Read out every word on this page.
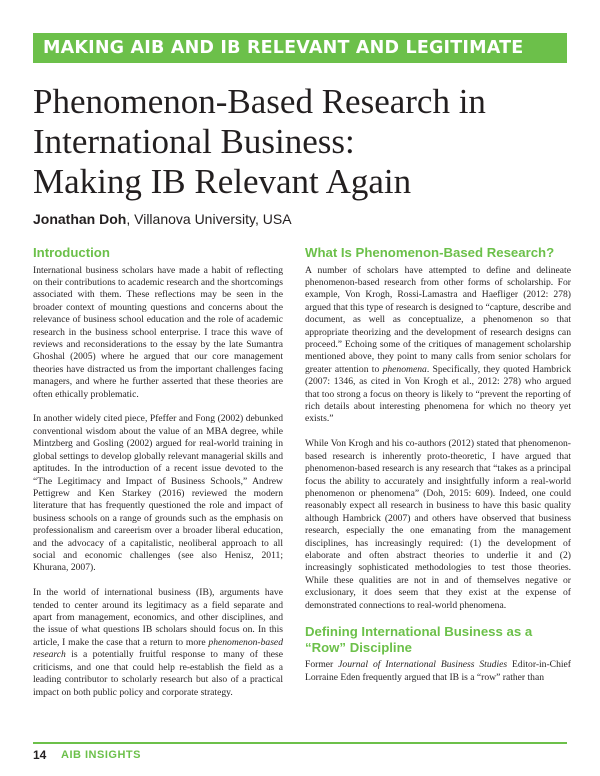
MAKING AIB AND IB RELEVANT AND LEGITIMATE
Phenomenon-Based Research in
International Business:
Making IB Relevant Again
Jonathan Doh, Villanova University, USA
Introduction

International business scholars have made a habit of reflecting on their contributions to academic research and the shortcomings associated with them. These reflections may be seen in the broader context of mounting questions and concerns about the relevance of business school education and the role of academic research in the business school enterprise. I trace this wave of reviews and reconsiderations to the essay by the late Sumantra Ghoshal (2005) where he argued that our core management theories have distracted us from the important challenges facing managers, and where he further asserted that these theories are often ethically problematic.

In another widely cited piece, Pfeffer and Fong (2002) debunked conventional wisdom about the value of an MBA degree, while Mintzberg and Gosling (2002) argued for real-world training in global settings to develop globally relevant managerial skills and aptitudes. In the introduction of a recent issue devoted to the “The Legitimacy and Impact of Business Schools,” Andrew Pettigrew and Ken Starkey (2016) reviewed the modern literature that has frequently questioned the role and impact of business schools on a range of grounds such as the emphasis on professionalism and careerism over a broader liberal education, and the advocacy of a capitalistic, neoliberal approach to all social and economic challenges (see also Henisz, 2011; Khurana, 2007).

In the world of international business (IB), arguments have tended to center around its legitimacy as a field separate and apart from management, economics, and other disciplines, and the issue of what questions IB scholars should focus on. In this article, I make the case that a return to more phenomenon-based research is a potentially fruitful response to many of these criticisms, and one that could help re-establish the field as a leading contributor to scholarly research but also of a practical impact on both public policy and corporate strategy.

What Is Phenomenon-Based Research?

A number of scholars have attempted to define and delineate phenomenon-based research from other forms of scholarship. For example, Von Krogh, Rossi-Lamastra and Haefliger (2012: 278) argued that this type of research is designed to “capture, describe and document, as well as conceptualize, a phenomenon so that appropriate theorizing and the development of research designs can proceed.” Echoing some of the critiques of management scholarship mentioned above, they point to many calls from senior scholars for greater attention to phenomena. Specifically, they quoted Hambrick (2007: 1346, as cited in Von Krogh et al., 2012: 278) who argued that too strong a focus on theory is likely to “prevent the reporting of rich details about interesting phenomena for which no theory yet exists.”

While Von Krogh and his co-authors (2012) stated that phenomenon-based research is inherently proto-theoretic, I have argued that phenomenon-based research is any research that “takes as a principal focus the ability to accurately and insightfully inform a real-world phenomenon or phenomena” (Doh, 2015: 609). Indeed, one could reasonably expect all research in business to have this basic quality although Hambrick (2007) and others have observed that business research, especially the one emanating from the management disciplines, has increasingly required: (1) the development of elaborate and often abstract theories to underlie it and (2) increasingly sophisticated methodologies to test those theories. While these qualities are not in and of themselves negative or exclusionary, it does seem that they exist at the expense of demonstrated connections to real-world phenomena.

Defining International Business as a “Row” Discipline

Former Journal of International Business Studies Editor-in-Chief Lorraine Eden frequently argued that IB is a “row” rather than

14 AIB INSIGHTS
